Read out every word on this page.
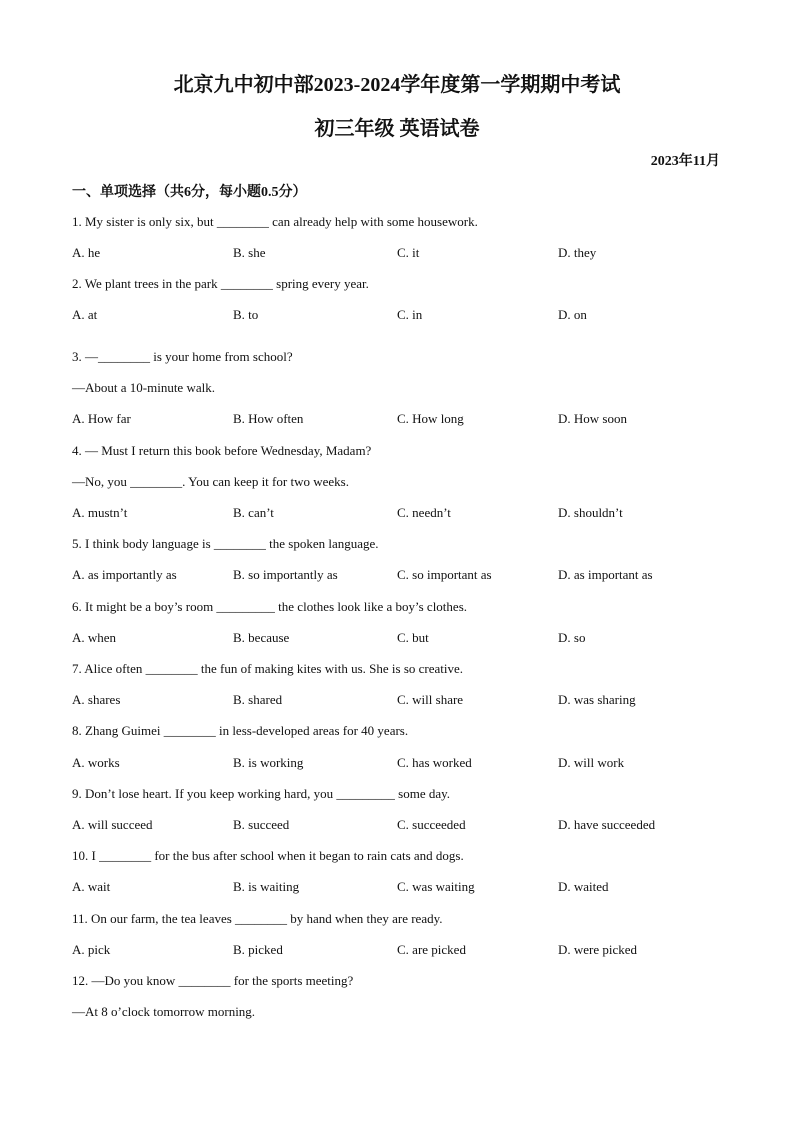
北京九中初中部2023-2024学年度第一学期期中考试
初三年级 英语试卷
2023年11月
一、单项选择（共6分，每小题0.5分）
1. My sister is only six, but ________ can already help with some housework.
A. he	B. she	C. it	D. they
2. We plant trees in the park ________ spring every year.
A. at	B. to	C. in	D. on
3. —________ is your home from school?
—About a 10-minute walk.
A. How far	B. How often	C. How long	D. How soon
4. — Must I return this book before Wednesday, Madam?
—No, you ________. You can keep it for two weeks.
A. mustn’t	B. can’t	C. needn’t	D. shouldn’t
5. I think body language is ________ the spoken language.
A. as importantly as	B. so importantly as	C. so important as	D. as important as
6. It might be a boy’s room _________ the clothes look like a boy’s clothes.
A. when	B. because	C. but	D. so
7. Alice often ________ the fun of making kites with us. She is so creative.
A. shares	B. shared	C. will share	D. was sharing
8. Zhang Guimei ________ in less-developed areas for 40 years.
A. works	B. is working	C. has worked	D. will work
9. Don’t lose heart. If you keep working hard, you _________ some day.
A. will succeed	B. succeed	C. succeeded	D. have succeeded
10. I ________ for the bus after school when it began to rain cats and dogs.
A. wait	B. is waiting	C. was waiting	D. waited
11. On our farm, the tea leaves ________ by hand when they are ready.
A. pick	B. picked	C. are picked	D. were picked
12. —Do you know ________ for the sports meeting?
—At 8 o’clock tomorrow morning.
